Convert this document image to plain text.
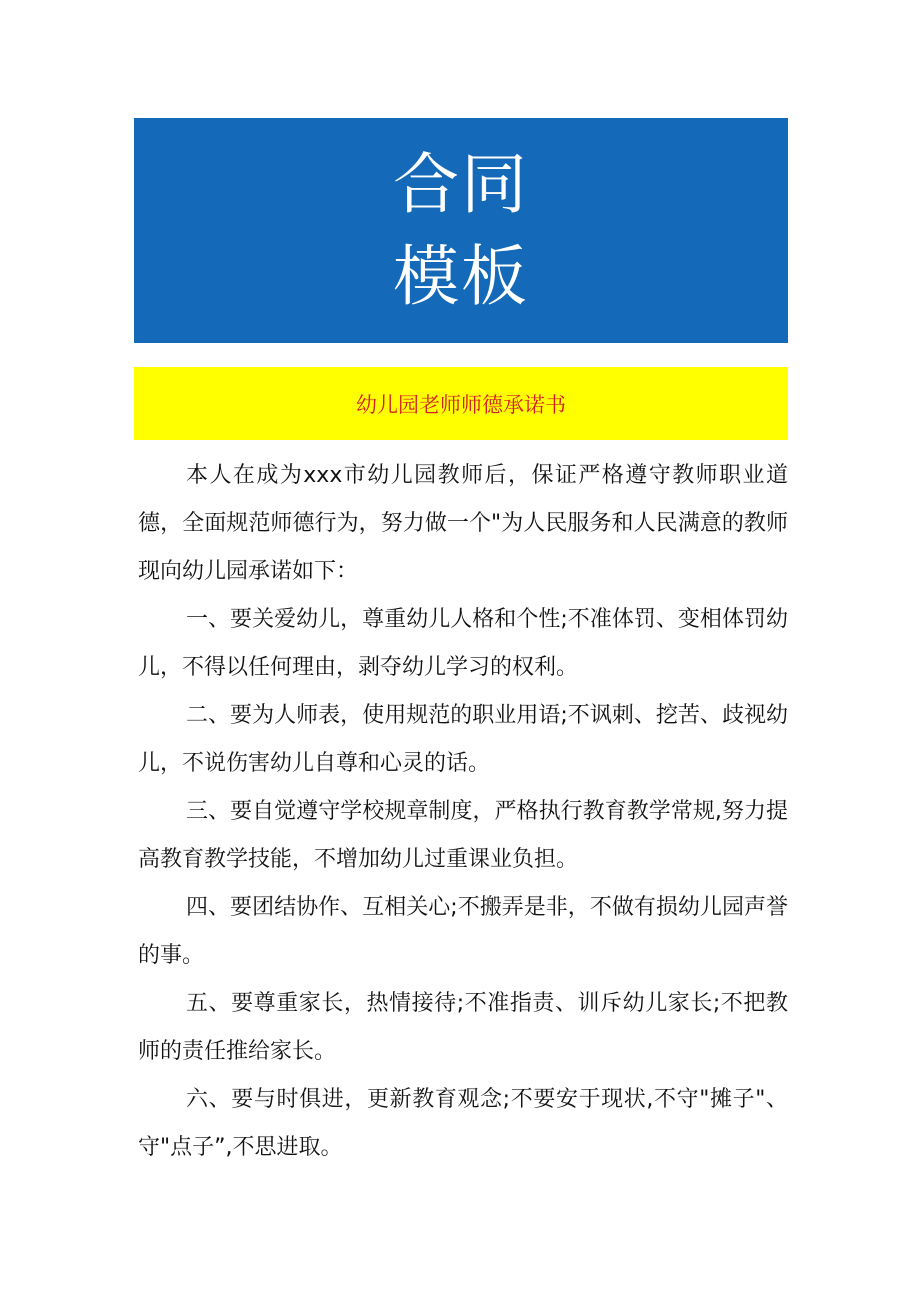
合同
模板
幼儿园老师师德承诺书

本人在成为xxx市幼儿园教师后，保证严格遵守教师职业道德，全面规范师德行为，努力做一个"为人民服务和人民满意的教师现向幼儿园承诺如下：

一、要关爱幼儿，尊重幼儿人格和个性;不准体罚、变相体罚幼儿，不得以任何理由，剥夺幼儿学习的权利。

二、要为人师表，使用规范的职业用语;不讽刺、挖苦、歧视幼儿，不说伤害幼儿自尊和心灵的话。

三、要自觉遵守学校规章制度，严格执行教育教学常规,努力提高教育教学技能，不增加幼儿过重课业负担。

四、要团结协作、互相关心;不搬弄是非，不做有损幼儿园声誉的事。

五、要尊重家长，热情接待;不准指责、训斥幼儿家长;不把教师的责任推给家长。

六、要与时俱进，更新教育观念;不要安于现状,不守"摊子"、守"点子”,不思进取。
